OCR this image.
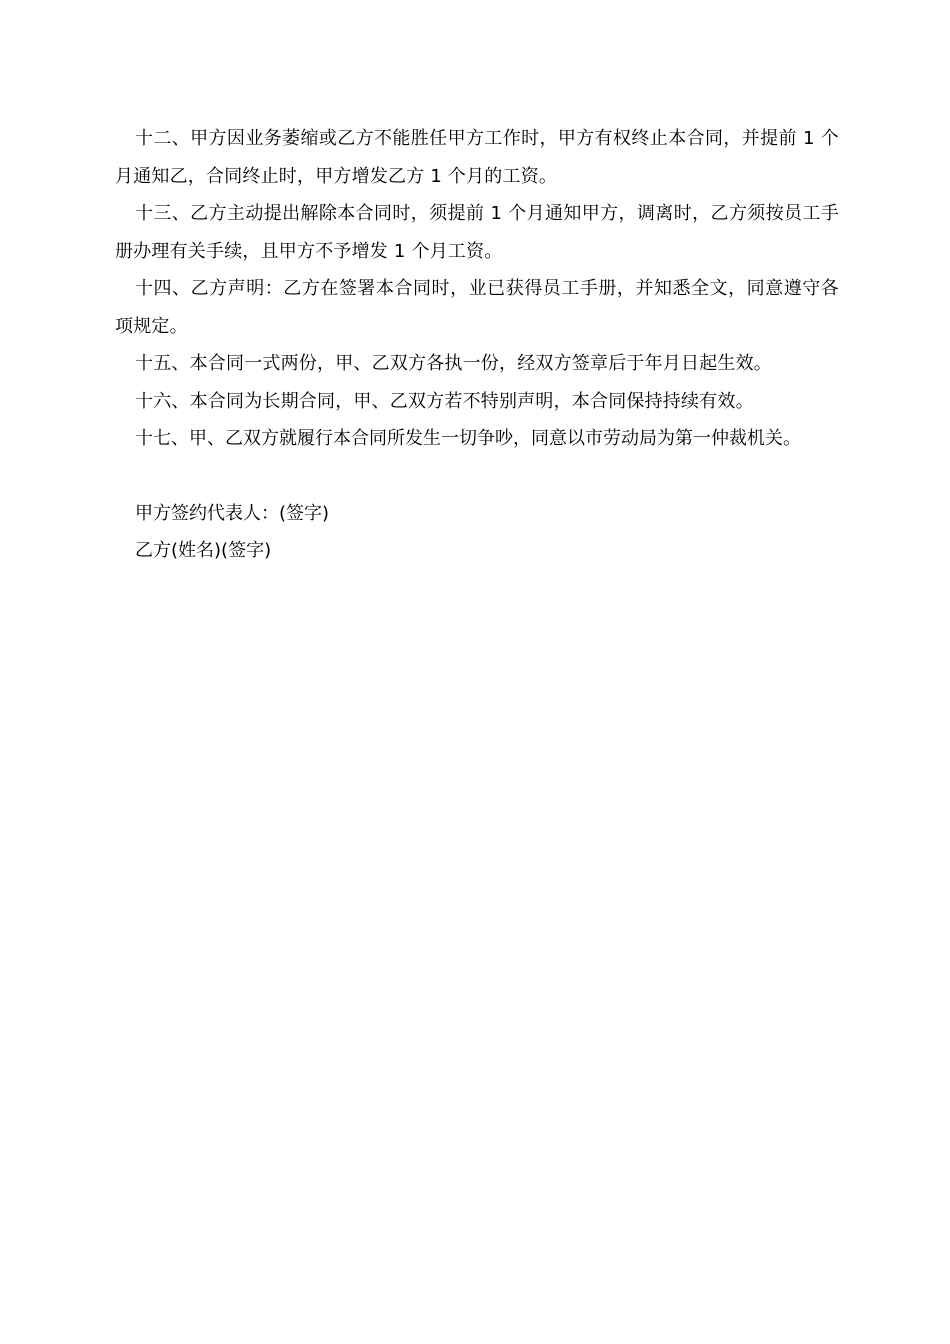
十二、甲方因业务萎缩或乙方不能胜任甲方工作时，甲方有权终止本合同，并提前 1 个月通知乙，合同终止时，甲方增发乙方 1 个月的工资。

十三、乙方主动提出解除本合同时，须提前 1 个月通知甲方，调离时，乙方须按员工手册办理有关手续，且甲方不予增发 1 个月工资。

十四、乙方声明：乙方在签署本合同时，业已获得员工手册，并知悉全文，同意遵守各项规定。

十五、本合同一式两份，甲、乙双方各执一份，经双方签章后于年月日起生效。

十六、本合同为长期合同，甲、乙双方若不特别声明，本合同保持持续有效。

十七、甲、乙双方就履行本合同所发生一切争吵，同意以市劳动局为第一仲裁机关。

甲方签约代表人：(签字)

乙方(姓名)(签字)
